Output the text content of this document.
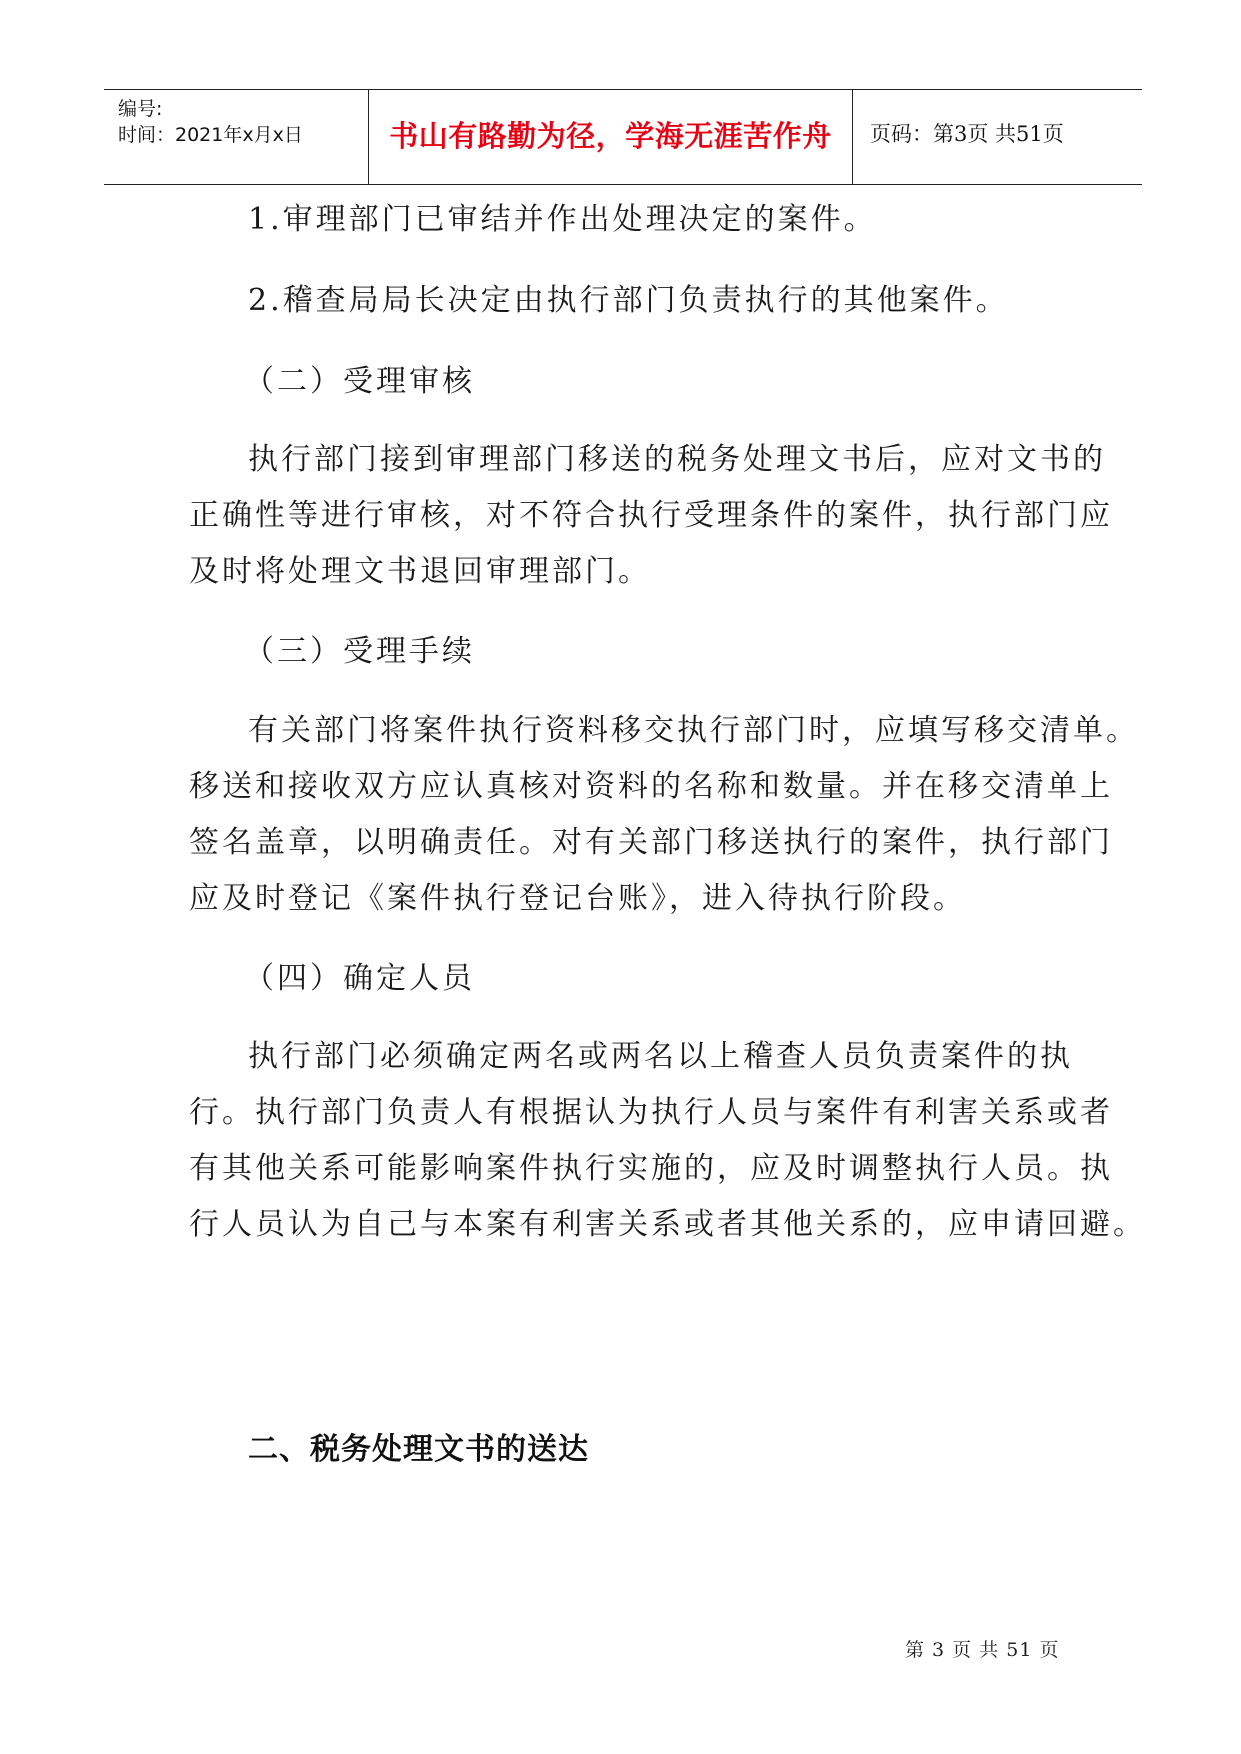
编号:
时间：2021年x月x日	书山有路勤为径，学海无涯苦作舟 页码：第3页 共51页
1.审理部门已审结并作出处理决定的案件。
2.稽查局局长决定由执行部门负责执行的其他案件。
（二）受理审核
执行部门接到审理部门移送的税务处理文书后，应对文书的
正确性等进行审核，对不符合执行受理条件的案件，执行部门应
及时将处理文书退回审理部门。
（三）受理手续
有关部门将案件执行资料移交执行部门时，应填写移交清单。
移送和接收双方应认真核对资料的名称和数量。并在移交清单上
签名盖章，以明确责任。对有关部门移送执行的案件，执行部门
应及时登记《案件执行登记台账》，进入待执行阶段。
（四）确定人员
执行部门必须确定两名或两名以上稽查人员负责案件的执
行。执行部门负责人有根据认为执行人员与案件有利害关系或者
有其他关系可能影响案件执行实施的，应及时调整执行人员。执
行人员认为自己与本案有利害关系或者其他关系的，应申请回避。
二、税务处理文书的送达
第 3 页 共 51 页
